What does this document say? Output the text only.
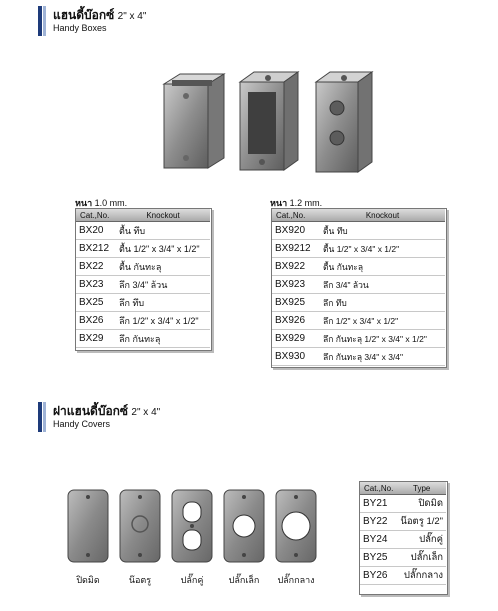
แฮนดี้บ๊อกซ์ 2" x 4"
Handy Boxes
หนา 1.0 mm.
Cat.,No.	Knockout
BX20	ตื้น ทึบ
BX212	ตื้น 1/2" x 3/4" x 1/2"
BX22	ตื้น กันทะลุ
BX23	ลึก 3/4" ล้วน
BX25	ลึก ทึบ
BX26	ลึก 1/2" x 3/4" x 1/2"
BX29	ลึก กันทะลุ
หนา 1.2 mm.
Cat.,No.	Knockout
BX920	ตื้น ทึบ
BX9212	ตื้น 1/2" x 3/4" x 1/2"
BX922	ตื้น กันทะลุ
BX923	ลึก 3/4" ล้วน
BX925	ลึก ทึบ
BX926	ลึก 1/2" x 3/4" x 1/2"
BX929	ลึก กันทะลุ 1/2" x 3/4" x 1/2"
BX930	ลึก กันทะลุ 3/4" x 3/4"
ฝาแฮนดี้บ๊อกซ์ 2" x 4"
Handy Covers
ปิดมิด	น๊อตรู	ปลั๊กคู่	ปลั๊กเล็ก	ปลั๊กกลาง
Cat.,No.	Type
BY21	ปิดมิด
BY22	น๊อตรู 1/2"
BY24	ปลั๊กคู่
BY25	ปลั๊กเล็ก
BY26	ปลั๊กกลาง
